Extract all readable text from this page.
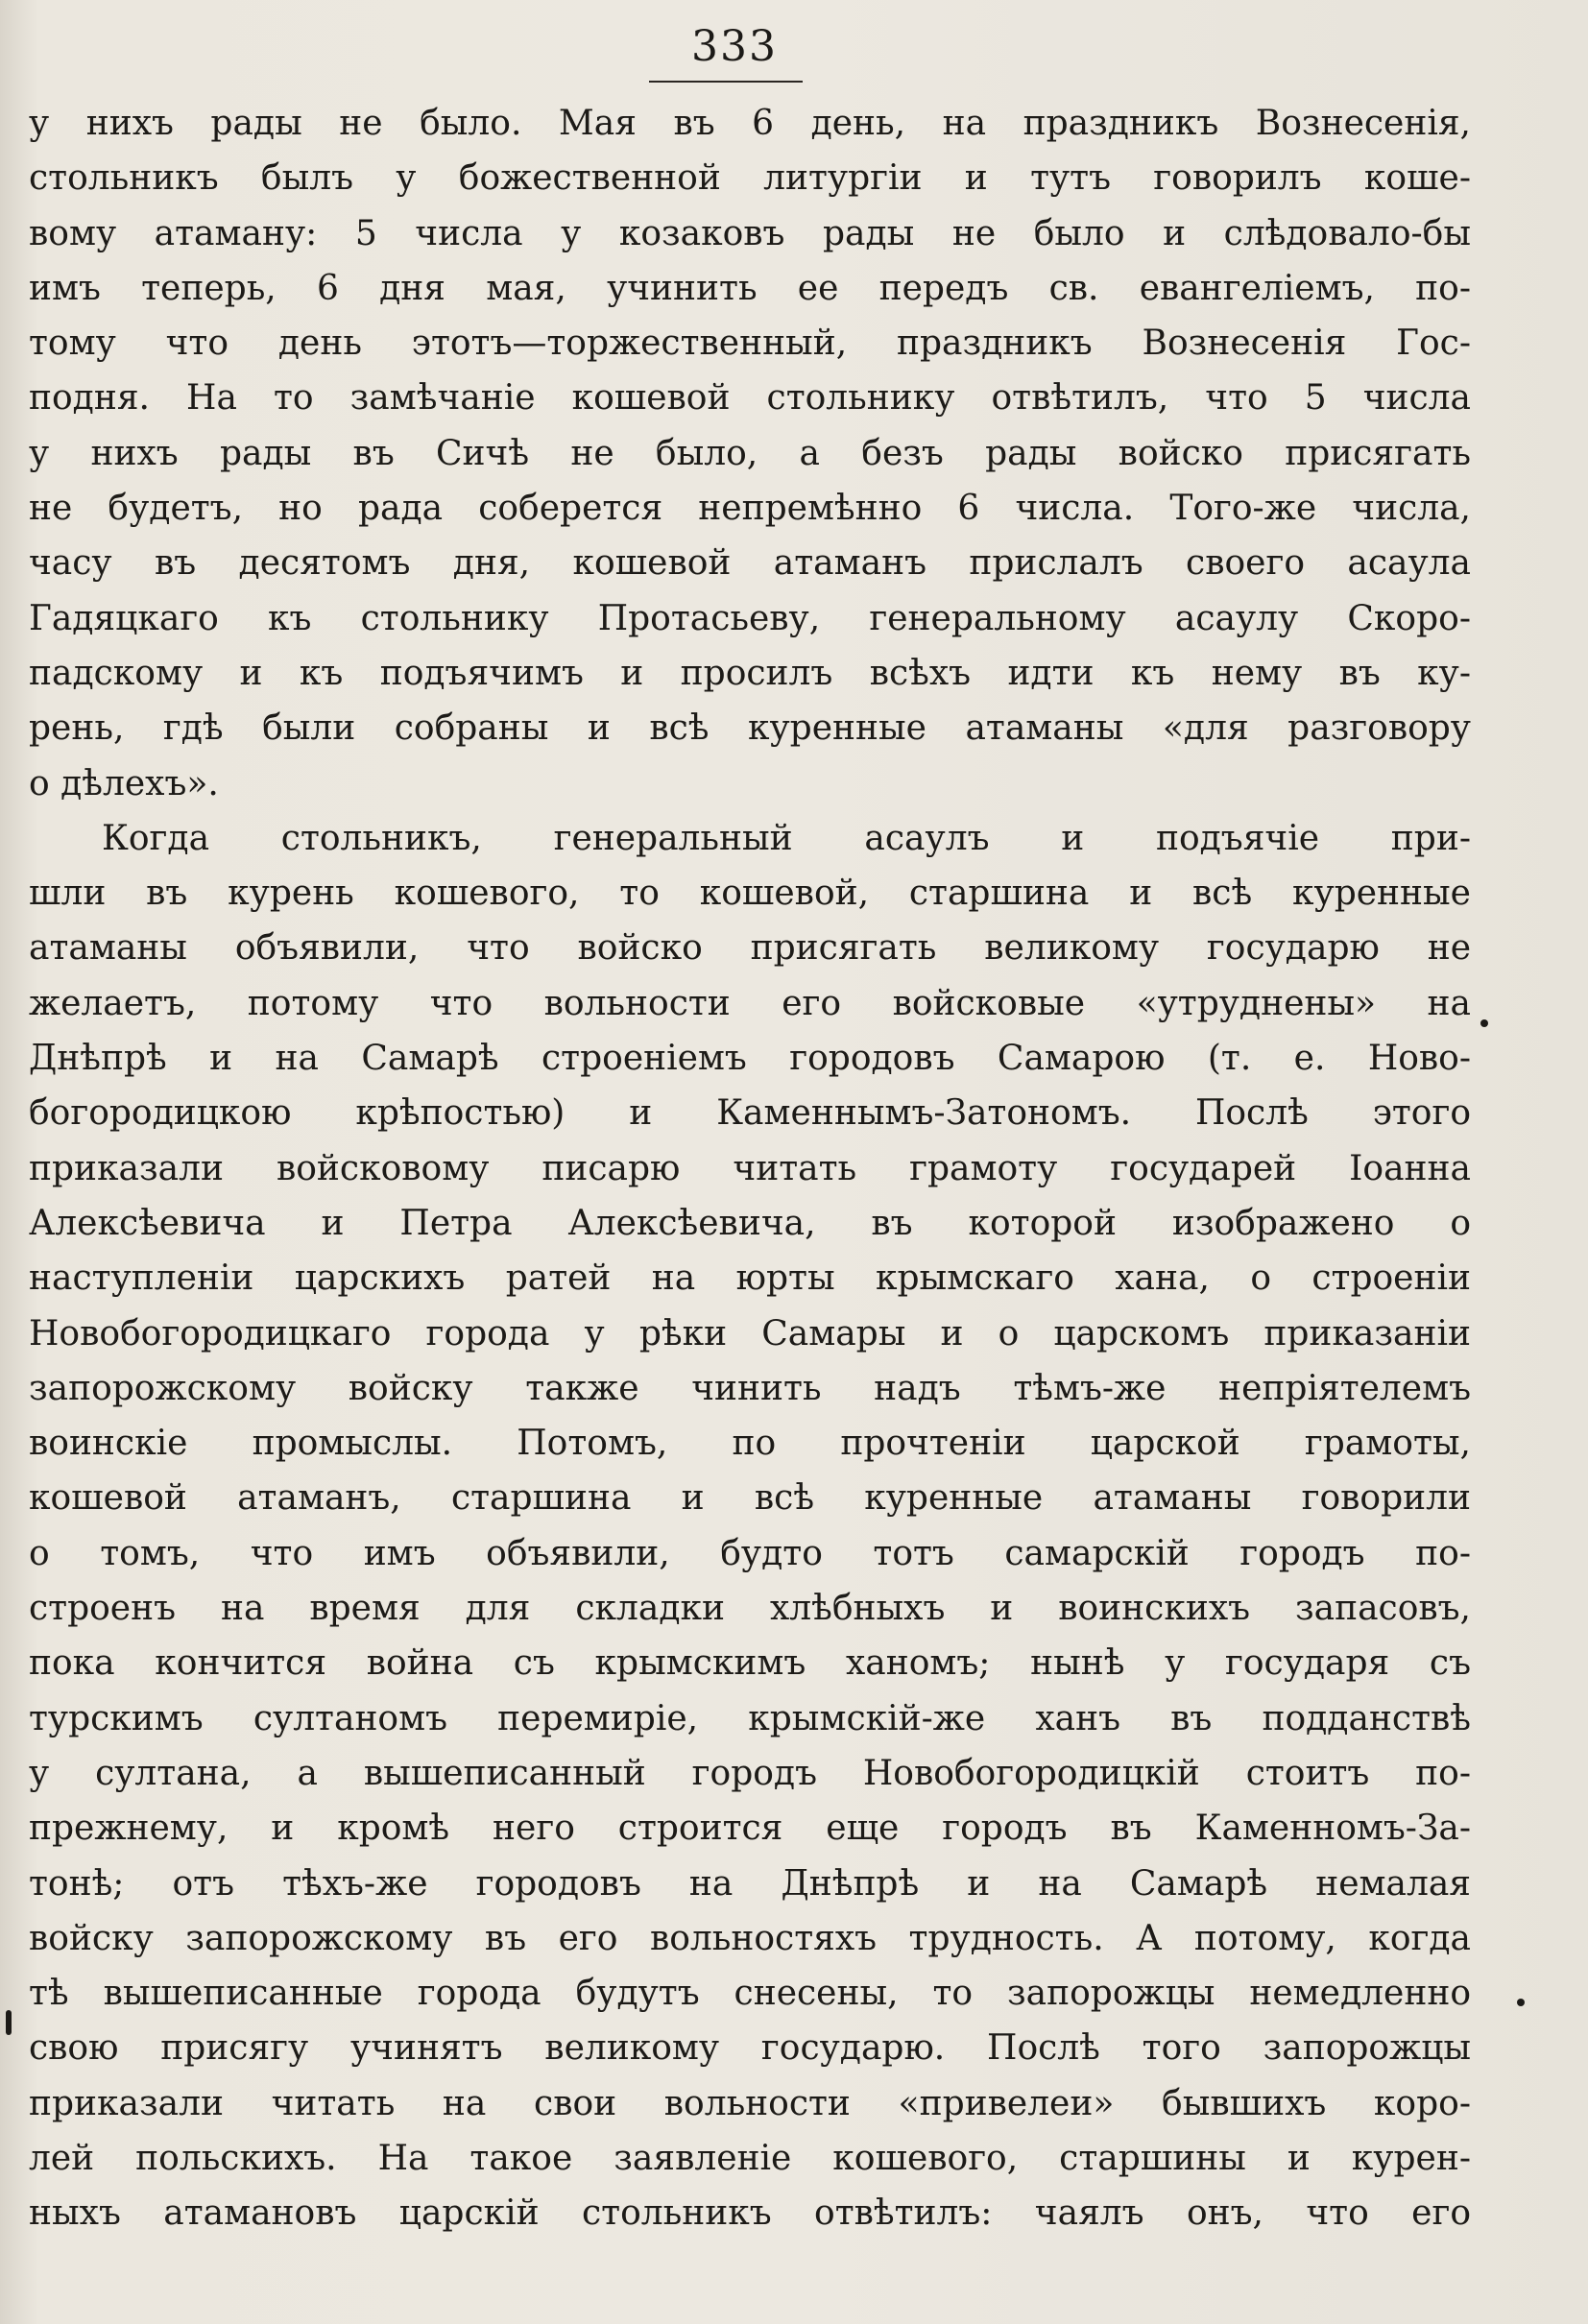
333
у нихъ рады не было. Мая въ 6 день, на праздникъ Вознесенія,
стольникъ былъ у божественной литургіи и тутъ говорилъ коше-
вому атаману: 5 числа у козаковъ рады не было и слѣдовало-бы
имъ теперь, 6 дня мая, учинить ее передъ св. евангеліемъ, по-
тому что день этотъ—торжественный, праздникъ Вознесенія Гос-
подня. На то замѣчаніе кошевой стольнику отвѣтилъ, что 5 числа
у нихъ рады въ Сичѣ не было, а безъ рады войско присягать
не будетъ, но рада соберется непремѣнно 6 числа. Того-же числа,
часу въ десятомъ дня, кошевой атаманъ прислалъ своего асаула
Гадяцкаго къ стольнику Протасьеву, генеральному асаулу Скоро-
падскому и къ подъячимъ и просилъ всѣхъ идти къ нему въ ку-
рень, гдѣ были собраны и всѣ куренные атаманы «для разговору
о дѣлехъ».
Когда стольникъ, генеральный асаулъ и подъячіе при-
шли въ курень кошевого, то кошевой, старшина и всѣ куренные
атаманы объявили, что войско присягать великому государю не
желаетъ, потому что вольности его войсковые «утруднены» на
Днѣпрѣ и на Самарѣ строеніемъ городовъ Самарою (т. е. Ново-
богородицкою крѣпостью) и Каменнымъ-Затономъ. Послѣ этого
приказали войсковому писарю читать грамоту государей Іоанна
Алексѣевича и Петра Алексѣевича, въ которой изображено о
наступленіи царскихъ ратей на юрты крымскаго хана, о строеніи
Новобогородицкаго города у рѣки Самары и о царскомъ приказаніи
запорожскому войску также чинить надъ тѣмъ-же непріятелемъ
воинскіе промыслы. Потомъ, по прочтеніи царской грамоты,
кошевой атаманъ, старшина и всѣ куренные атаманы говорили
о томъ, что имъ объявили, будто тотъ самарскій городъ по-
строенъ на время для складки хлѣбныхъ и воинскихъ запасовъ,
пока кончится война съ крымскимъ ханомъ; нынѣ у государя съ
турскимъ султаномъ перемиріе, крымскій-же ханъ въ подданствѣ
у султана, а вышеписанный городъ Новобогородицкій стоитъ по-
прежнему, и кромѣ него строится еще городъ въ Каменномъ-За-
тонѣ; отъ тѣхъ-же городовъ на Днѣпрѣ и на Самарѣ немалая
войску запорожскому въ его вольностяхъ трудность. А потому, когда
тѣ вышеписанные города будутъ снесены, то запорожцы немедленно
свою присягу учинятъ великому государю. Послѣ того запорожцы
приказали читать на свои вольности «привелеи» бывшихъ коро-
лей польскихъ. На такое заявленіе кошевого, старшины и курен-
ныхъ атамановъ царскій стольникъ отвѣтилъ: чаялъ онъ, что его
